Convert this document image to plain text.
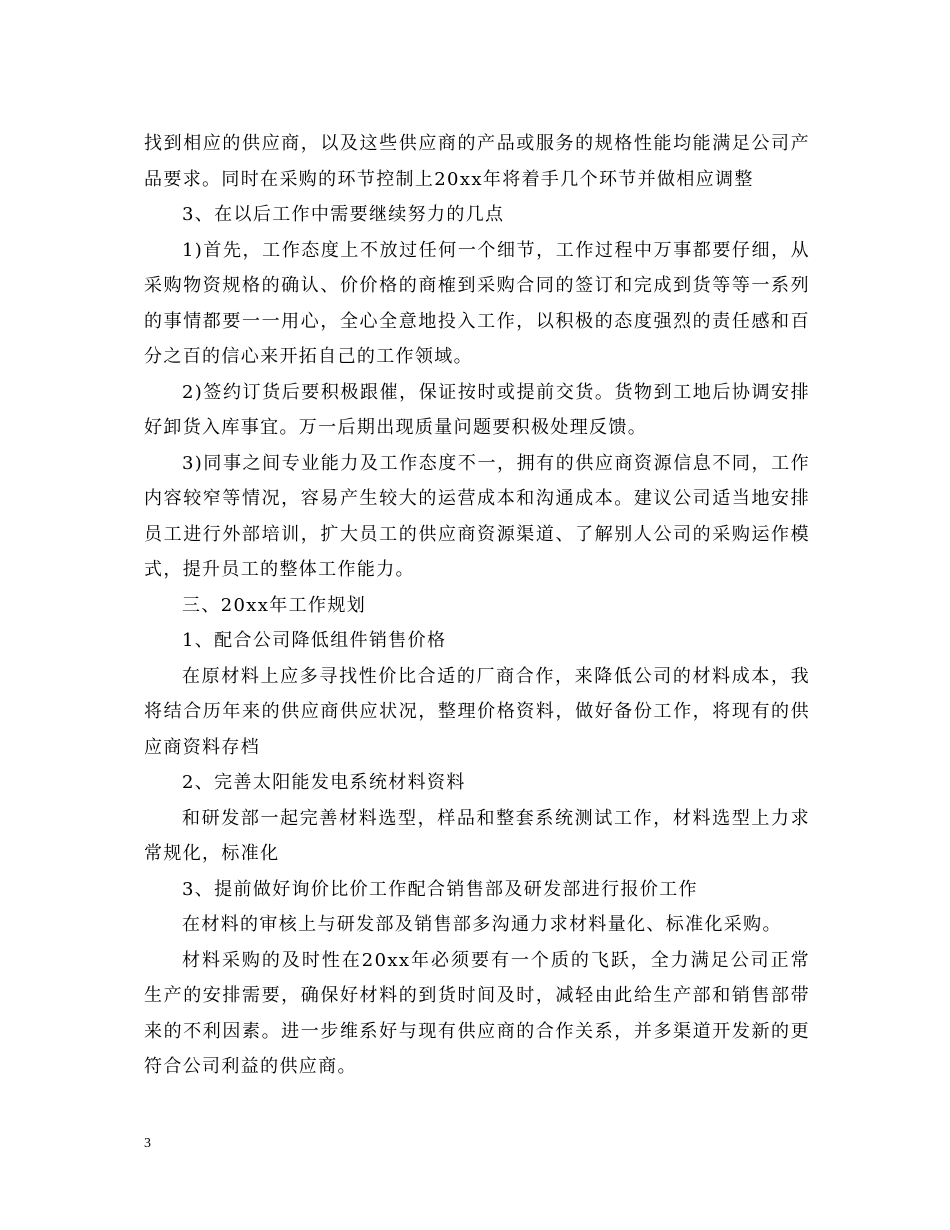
找到相应的供应商，以及这些供应商的产品或服务的规格性能均能满足公司产品要求。同时在采购的环节控制上20xx年将着手几个环节并做相应调整

3、在以后工作中需要继续努力的几点

1)首先，工作态度上不放过任何一个细节，工作过程中万事都要仔细，从采购物资规格的确认、价价格的商榷到采购合同的签订和完成到货等等一系列的事情都要一一用心，全心全意地投入工作，以积极的态度强烈的责任感和百分之百的信心来开拓自己的工作领域。

2)签约订货后要积极跟催，保证按时或提前交货。货物到工地后协调安排好卸货入库事宜。万一后期出现质量问题要积极处理反馈。

3)同事之间专业能力及工作态度不一，拥有的供应商资源信息不同，工作内容较窄等情况，容易产生较大的运营成本和沟通成本。建议公司适当地安排员工进行外部培训，扩大员工的供应商资源渠道、了解别人公司的采购运作模式，提升员工的整体工作能力。

三、20xx年工作规划

1、配合公司降低组件销售价格

在原材料上应多寻找性价比合适的厂商合作，来降低公司的材料成本，我将结合历年来的供应商供应状况，整理价格资料，做好备份工作，将现有的供应商资料存档

2、完善太阳能发电系统材料资料

和研发部一起完善材料选型，样品和整套系统测试工作，材料选型上力求常规化，标准化

3、提前做好询价比价工作配合销售部及研发部进行报价工作

在材料的审核上与研发部及销售部多沟通力求材料量化、标准化采购。

材料采购的及时性在20xx年必须要有一个质的飞跃，全力满足公司正常生产的安排需要，确保好材料的到货时间及时，减轻由此给生产部和销售部带来的不利因素。进一步维系好与现有供应商的合作关系，并多渠道开发新的更符合公司利益的供应商。

3
